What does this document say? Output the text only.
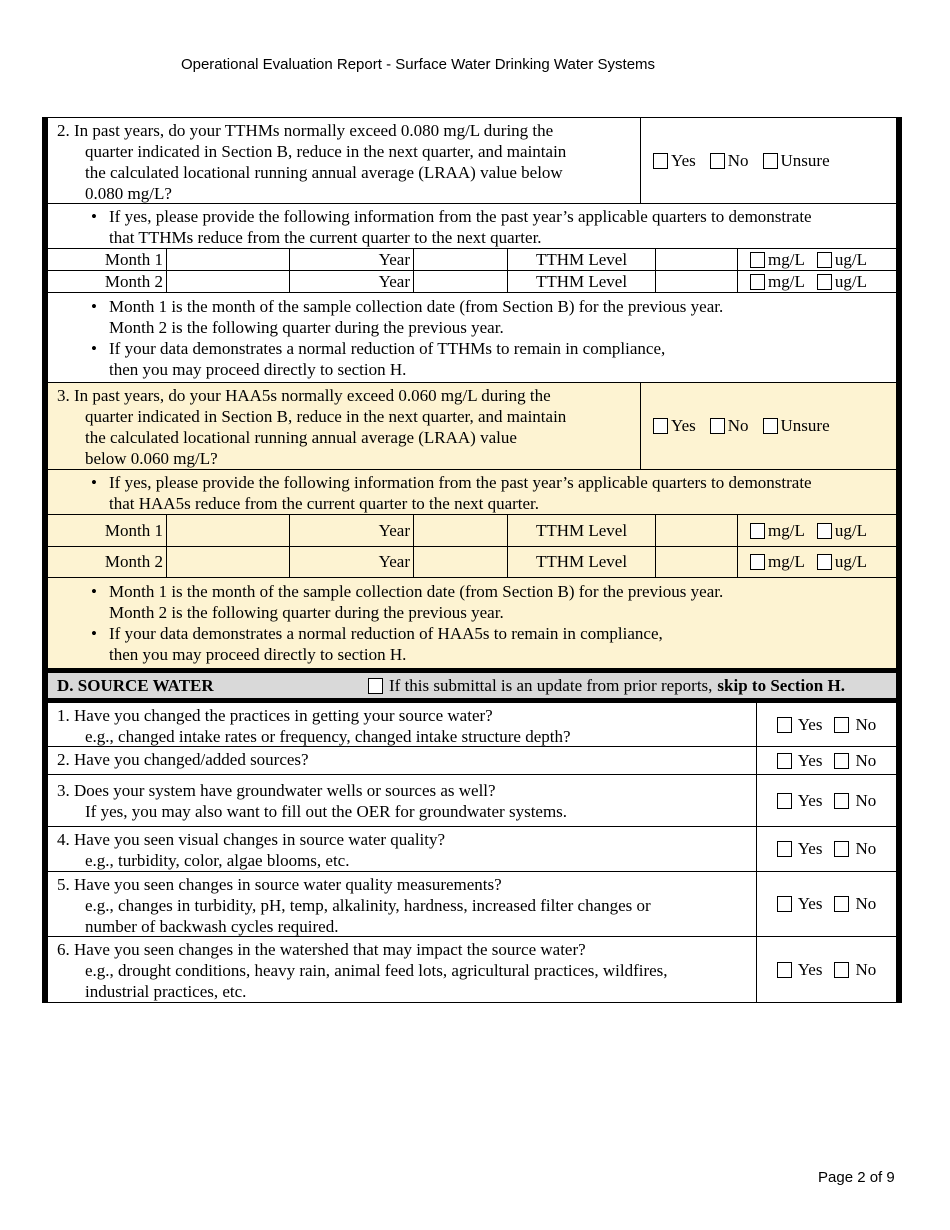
Operational Evaluation Report - Surface Water Drinking Water Systems
2. In past years, do your TTHMs normally exceed 0.080 mg/L during the
quarter indicated in Section B, reduce in the next quarter, and maintain
the calculated locational running annual average (LRAA) value below
0.080 mg/L?
Yes	No	Unsure
• If yes, please provide the following information from the past year’s applicable quarters to demonstrate
that TTHMs reduce from the current quarter to the next quarter.
Month 1	Year	TTHM Level	mg/L	ug/L
Month 2	Year	TTHM Level	mg/L	ug/L
• Month 1 is the month of the sample collection date (from Section B) for the previous year.
Month 2 is the following quarter during the previous year.
• If your data demonstrates a normal reduction of TTHMs to remain in compliance,
then you may proceed directly to section H.
3. In past years, do your HAA5s normally exceed 0.060 mg/L during the
quarter indicated in Section B, reduce in the next quarter, and maintain
the calculated locational running annual average (LRAA) value
below 0.060 mg/L?
Yes	No	Unsure
• If yes, please provide the following information from the past year’s applicable quarters to demonstrate
that HAA5s reduce from the current quarter to the next quarter.
Month 1	Year	TTHM Level	mg/L	ug/L
Month 2	Year	TTHM Level	mg/L	ug/L
• Month 1 is the month of the sample collection date (from Section B) for the previous year.
Month 2 is the following quarter during the previous year.
• If your data demonstrates a normal reduction of HAA5s to remain in compliance,
then you may proceed directly to section H.
D. SOURCE WATER	If this submittal is an update from prior reports, skip to Section H.
1. Have you changed the practices in getting your source water?
e.g., changed intake rates or frequency, changed intake structure depth?
Yes	No
2. Have you changed/added sources?	Yes	No
3. Does your system have groundwater wells or sources as well?
If yes, you may also want to fill out the OER for groundwater systems.
Yes	No
4. Have you seen visual changes in source water quality?
e.g., turbidity, color, algae blooms, etc.
Yes	No
5. Have you seen changes in source water quality measurements?
e.g., changes in turbidity, pH, temp, alkalinity, hardness, increased filter changes or
number of backwash cycles required.
Yes	No
6. Have you seen changes in the watershed that may impact the source water?
e.g., drought conditions, heavy rain, animal feed lots, agricultural practices, wildfires,
industrial practices, etc.
Yes	No
Page 2 of 9
